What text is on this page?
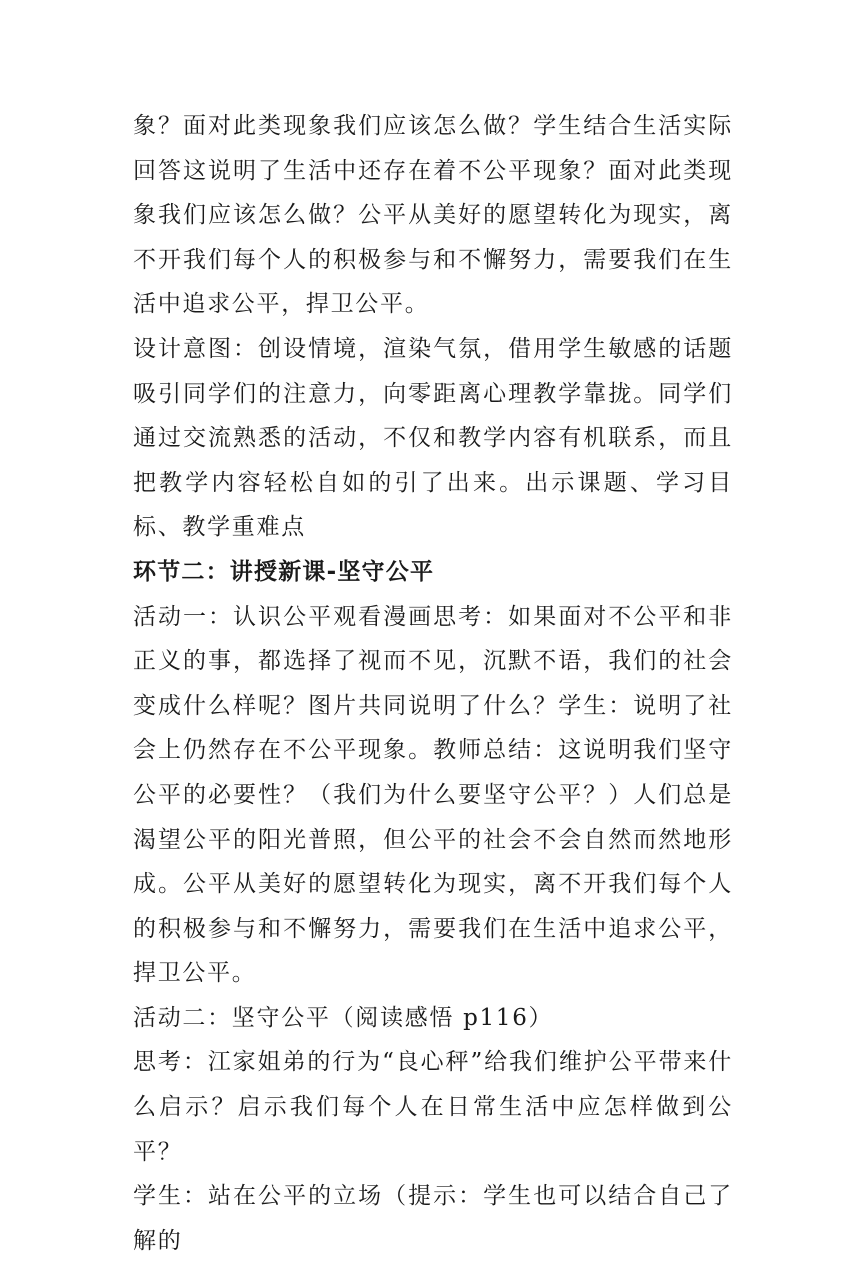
象？面对此类现象我们应该怎么做？学生结合生活实际回答这说明了生活中还存在着不公平现象？面对此类现象我们应该怎么做？公平从美好的愿望转化为现实，离不开我们每个人的积极参与和不懈努力，需要我们在生活中追求公平，捍卫公平。

设计意图：创设情境，渲染气氛，借用学生敏感的话题吸引同学们的注意力，向零距离心理教学靠拢。同学们通过交流熟悉的活动，不仅和教学内容有机联系，而且把教学内容轻松自如的引了出来。出示课题、学习目标、教学重难点

环节二：讲授新课-坚守公平

活动一：认识公平观看漫画思考：如果面对不公平和非正义的事，都选择了视而不见，沉默不语，我们的社会变成什么样呢？图片共同说明了什么？学生：说明了社会上仍然存在不公平现象。教师总结：这说明我们坚守公平的必要性？（我们为什么要坚守公平？）人们总是渴望公平的阳光普照，但公平的社会不会自然而然地形成。公平从美好的愿望转化为现实，离不开我们每个人的积极参与和不懈努力，需要我们在生活中追求公平，捍卫公平。

活动二：坚守公平（阅读感悟 p116）

思考：江家姐弟的行为“良心秤”给我们维护公平带来什么启示？启示我们每个人在日常生活中应怎样做到公平？

学生：站在公平的立场（提示：学生也可以结合自己了解的
